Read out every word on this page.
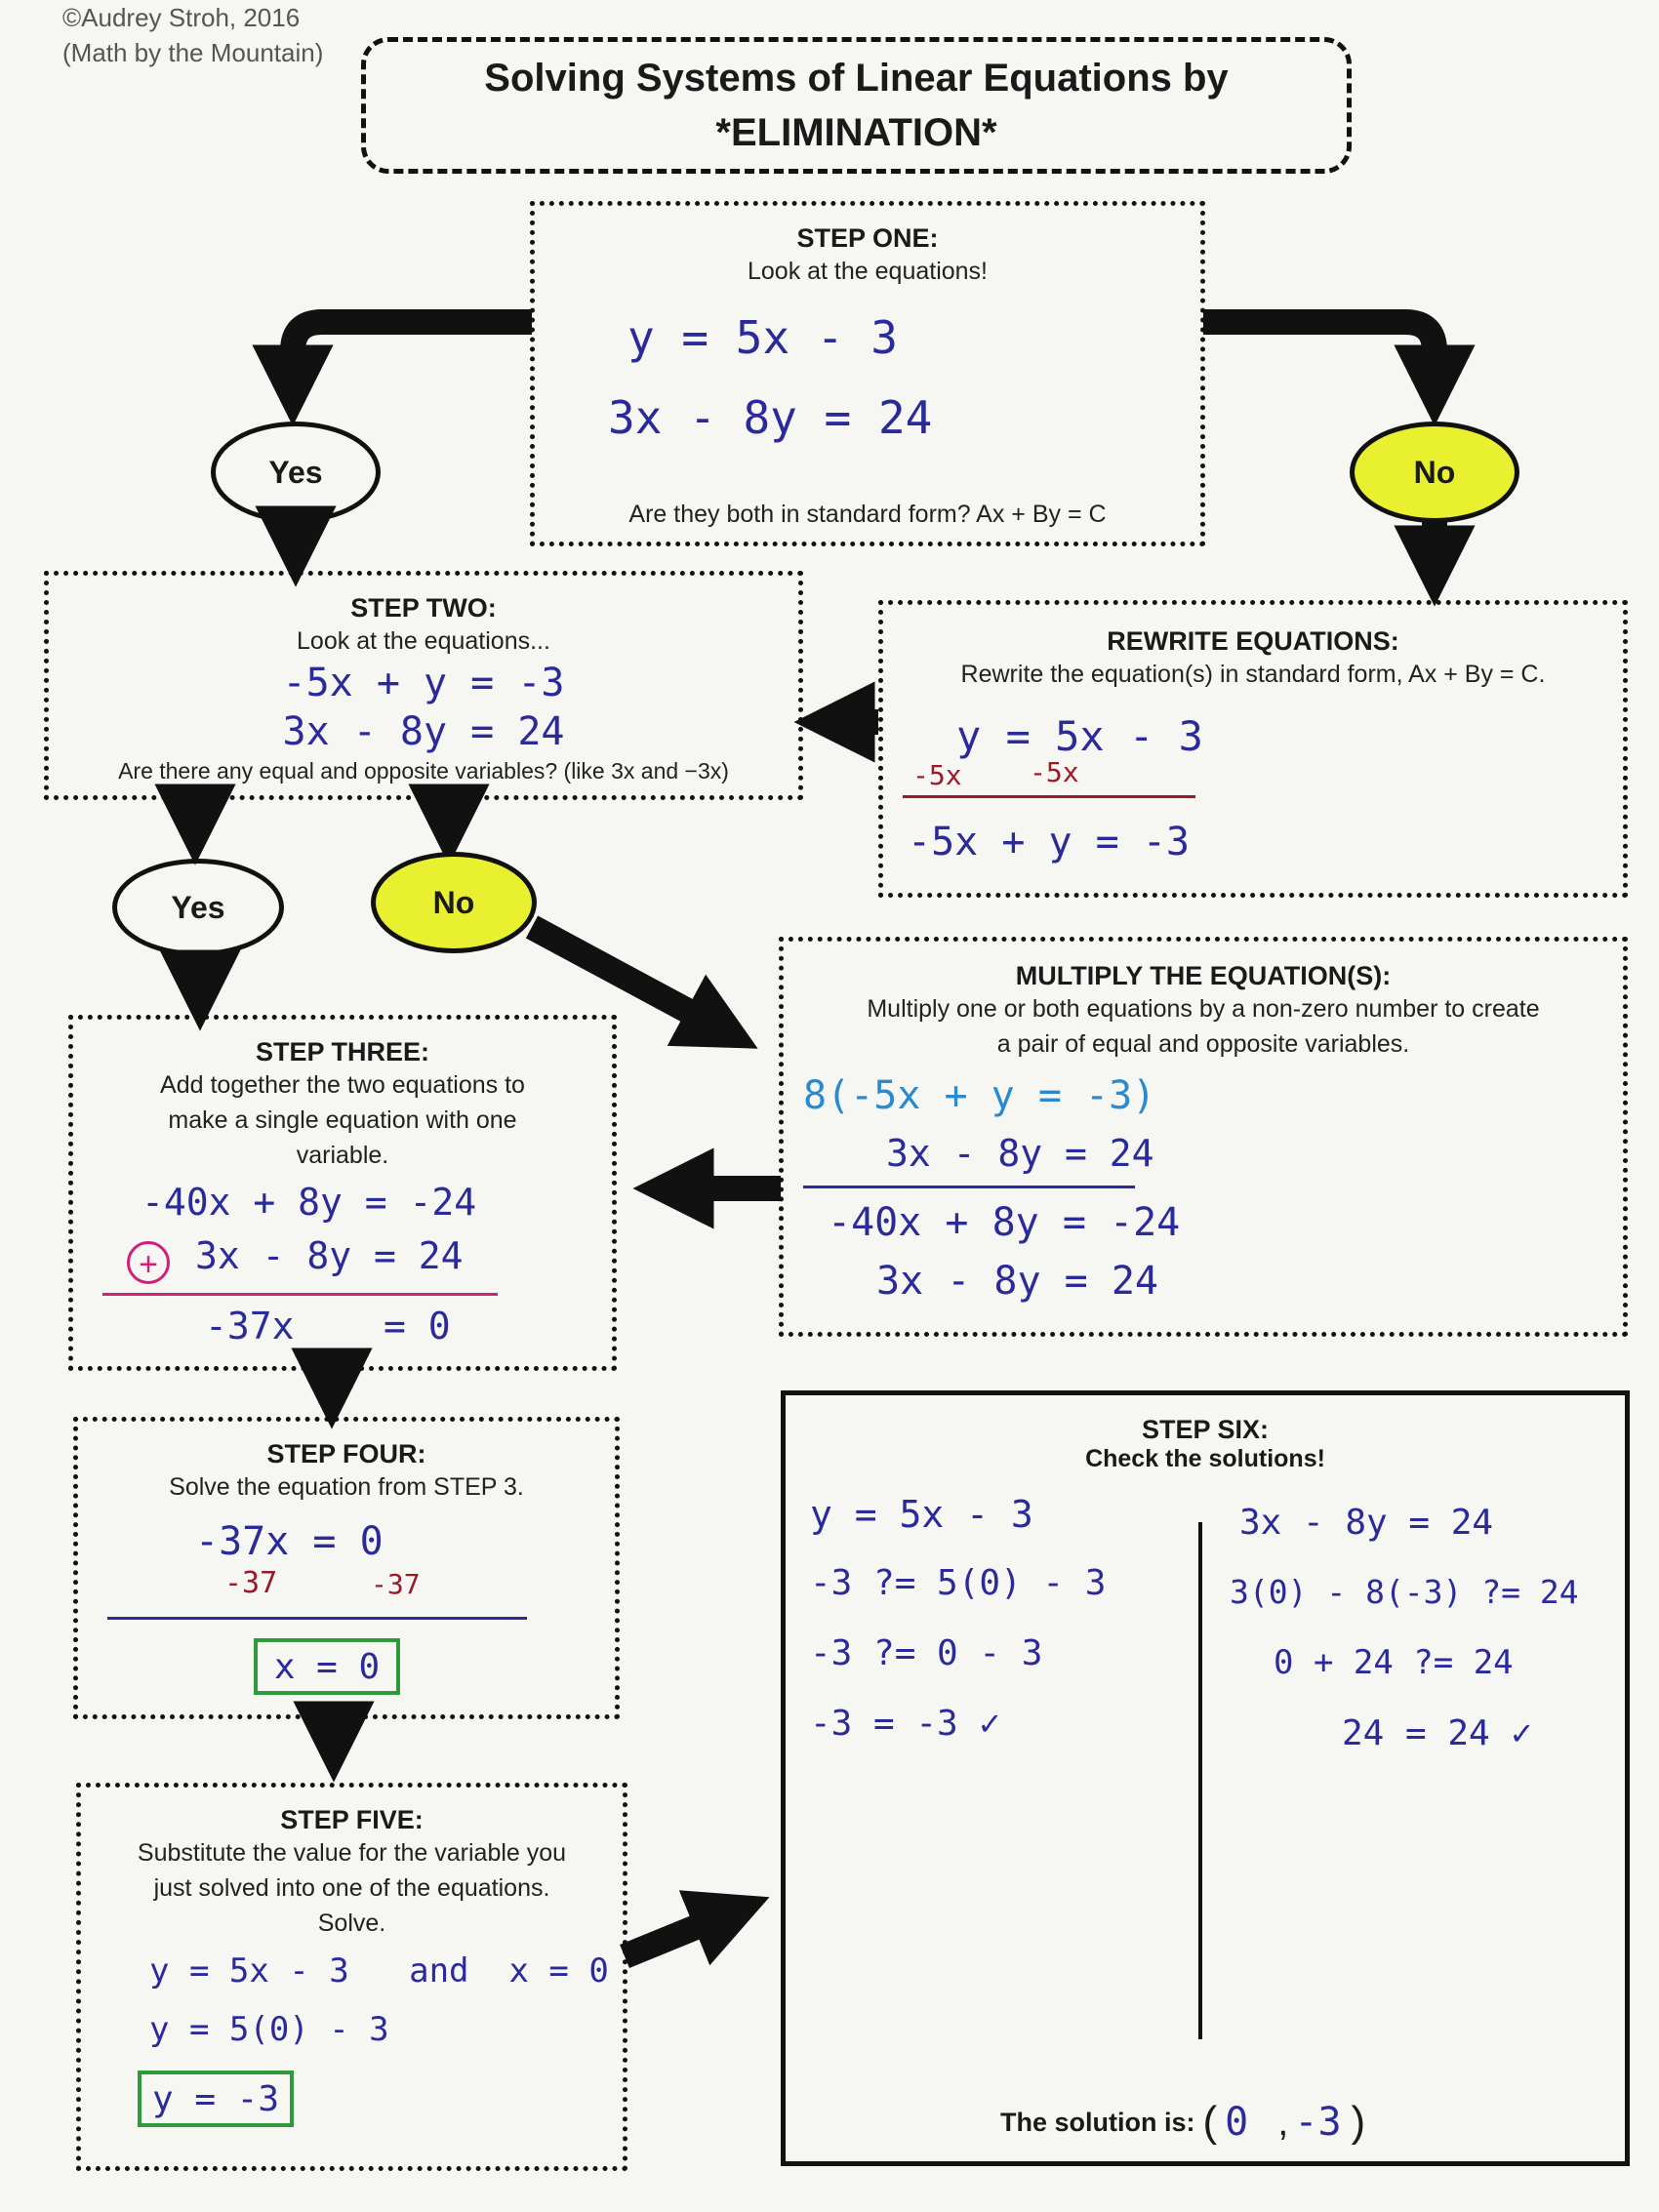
©Audrey Stroh, 2016
(Math by the Mountain)
Solving Systems of Linear Equations by
*ELIMINATION*
STEP ONE:
Look at the equations!
y = 5x - 3
3x - 8y = 24
Are they both in standard form? Ax + By = C
Yes	No
STEP TWO:
Look at the equations...
-5x + y = -3
3x - 8y = 24
Are there any equal and opposite variables? (like 3x and −3x)
REWRITE EQUATIONS:
Rewrite the equation(s) in standard form, Ax + By = C.
y = 5x - 3
-5x -5x
-5x + y = -3
Yes	No
MULTIPLY THE EQUATION(S):
Multiply one or both equations by a non-zero number to create
a pair of equal and opposite variables.
8(-5x + y = -3)
3x - 8y = 24
-40x + 8y = -24
3x - 8y = 24
STEP THREE:
Add together the two equations to
make a single equation with one
variable.
-40x + 8y = -24
+	3x - 8y = 24
-37x    = 0
STEP FOUR:
Solve the equation from STEP 3.
-37x = 0
-37	-37
x = 0
STEP FIVE:
Substitute the value for the variable you
just solved into one of the equations.
Solve.
y = 5x - 3   and  x = 0
y = 5(0) - 3
y = -3
STEP SIX:
Check the solutions!
y = 5x - 3
-3 ?= 5(0) - 3
-3 ?= 0 - 3
-3 = -3 ✓
3x - 8y = 24
3(0) - 8(-3) ?= 24
0 + 24 ?= 24
24 = 24 ✓
The solution is: ( 0 , -3 )
